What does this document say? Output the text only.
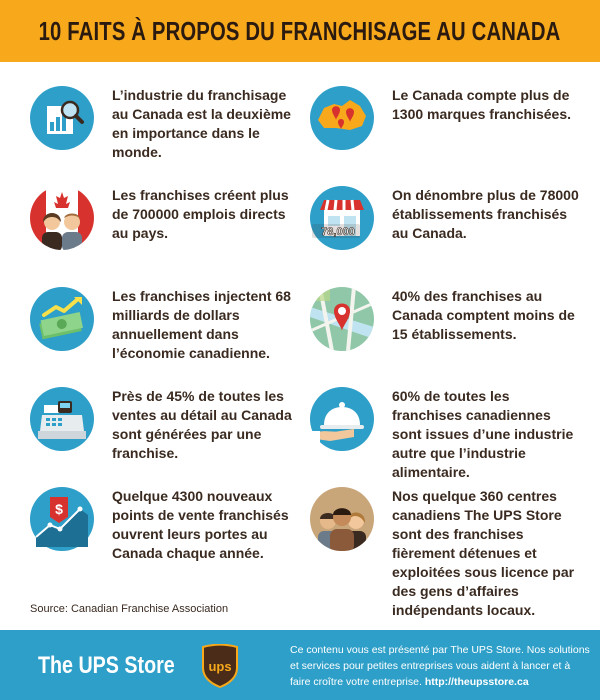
10 FAITS À PROPOS DU FRANCHISAGE AU CANADA
L’industrie du franchisage au Canada est la deuxième en importance dans le monde.
Le Canada compte plus de 1300 marques franchisées.
Les franchises créent plus de 700000 emplois directs au pays.	78,000
On dénombre plus de 78000 établissements franchisés au Canada.
Les franchises injectent 68 milliards de dollars annuellement dans l’économie canadienne.
40% des franchises au Canada comptent moins de 15 établissements.
Près de 45% de toutes les ventes au détail au Canada sont générées par une franchise.
60% de toutes les franchises canadiennes sont issues d’une industrie autre que l’industrie alimentaire.
$
Quelque 4300 nouveaux points de vente franchisés ouvrent leurs portes au Canada chaque année.
Nos quelque 360 centres canadiens The UPS Store sont des franchises fièrement détenues et exploitées sous licence par des gens d’affaires indépendants locaux.
Source: Canadian Franchise Association
The UPS Store	ups
Ce contenu vous est présenté par The UPS Store. Nos solutions et services pour petites entreprises vous aident à lancer et à faire croître votre entreprise. http://theupsstore.ca
